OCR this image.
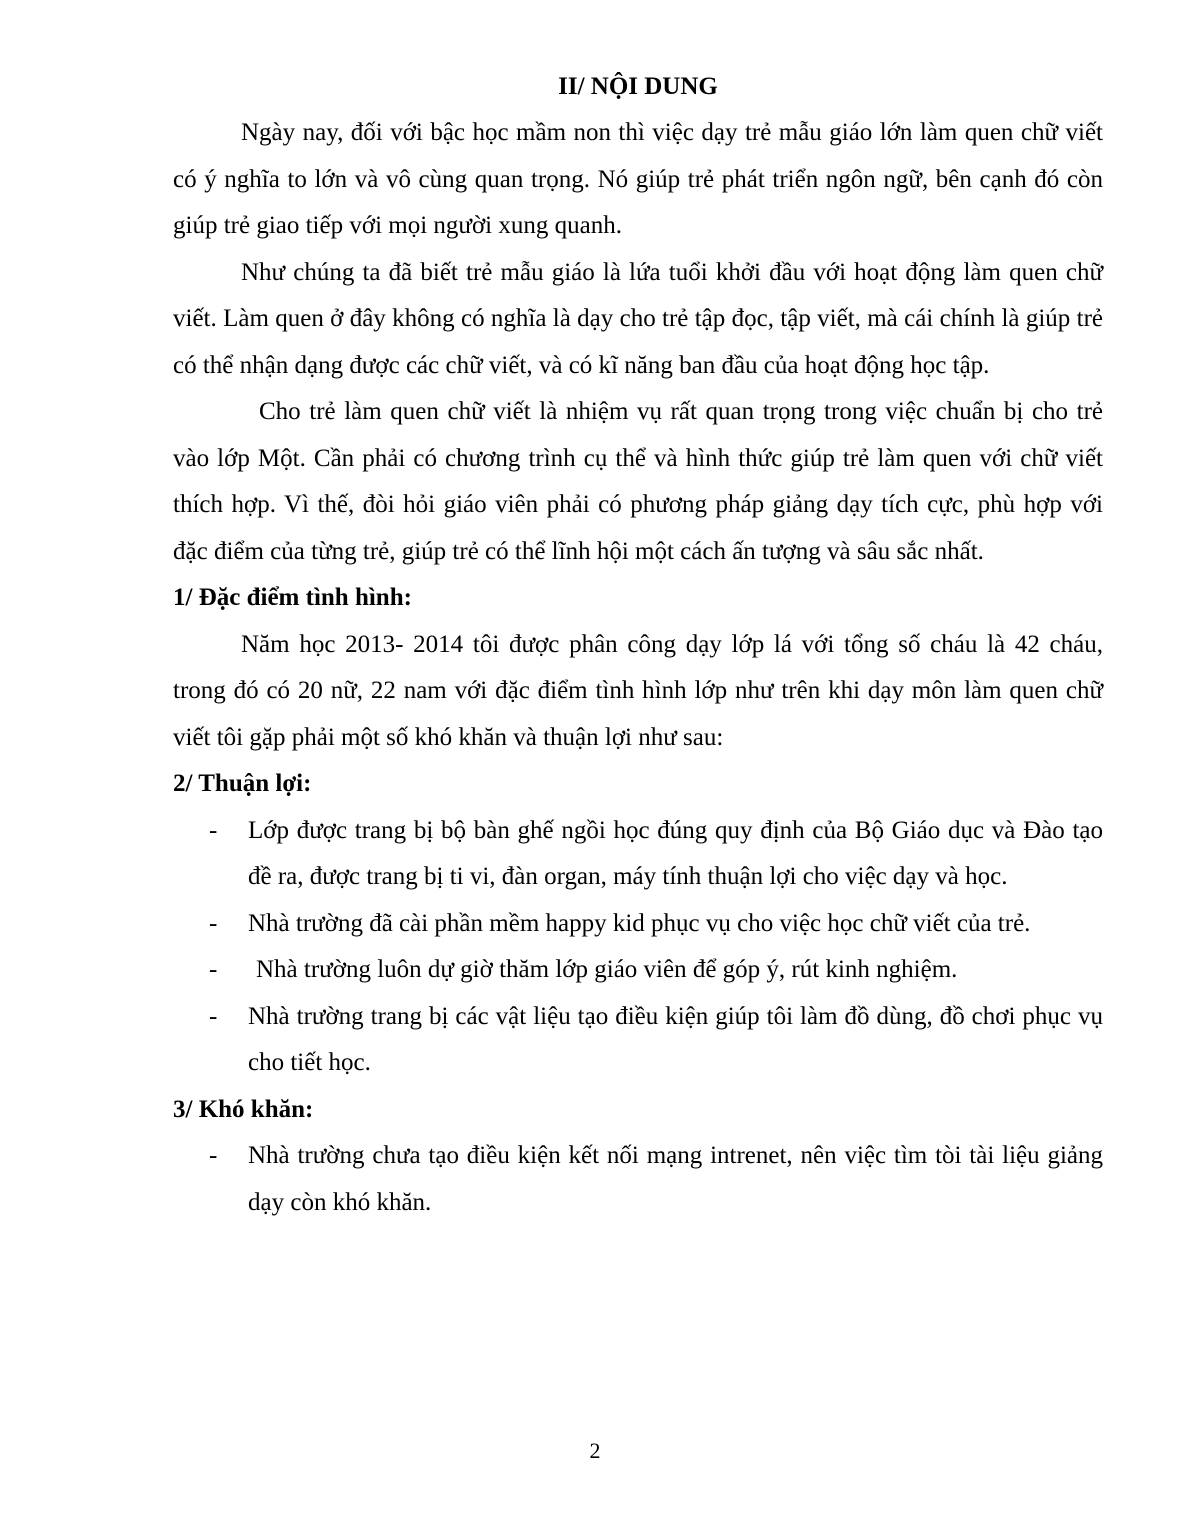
II/ NỘI DUNG

Ngày nay, đối với bậc học mầm non thì việc dạy trẻ mẫu giáo lớn làm quen chữ viết có ý nghĩa to lớn và vô cùng quan trọng. Nó giúp trẻ phát triển ngôn ngữ, bên cạnh đó còn giúp trẻ giao tiếp với mọi người xung quanh.

Như chúng ta đã biết trẻ mẫu giáo là lứa tuổi khởi đầu với hoạt động làm quen chữ viết. Làm quen ở đây không có nghĩa là dạy cho trẻ tập đọc, tập viết, mà cái chính là giúp trẻ có thể nhận dạng được các chữ viết, và có kĩ năng ban đầu của hoạt động học tập.

Cho trẻ làm quen chữ viết là nhiệm vụ rất quan trọng trong việc chuẩn bị cho trẻ vào lớp Một. Cần phải có chương trình cụ thể và hình thức giúp trẻ làm quen với chữ viết thích hợp. Vì thế, đòi hỏi giáo viên phải có phương pháp giảng dạy tích cực, phù hợp với đặc điểm của từng trẻ, giúp trẻ có thể lĩnh hội một cách ấn tượng và sâu sắc nhất.

1/ Đặc điểm tình hình:

Năm học 2013- 2014 tôi được phân công dạy lớp lá với tổng số cháu là 42 cháu, trong đó có 20 nữ, 22 nam với đặc điểm tình hình lớp như trên khi dạy môn làm quen chữ viết tôi gặp phải một số khó khăn và thuận lợi như sau:

2/ Thuận lợi:

- Lớp được trang bị bộ bàn ghế ngồi học đúng quy định của Bộ Giáo dục và Đào tạo đề ra, được trang bị ti vi, đàn organ, máy tính thuận lợi cho việc dạy và học.
- Nhà trường đã cài phần mềm happy kid phục vụ cho việc học chữ viết của trẻ.
- Nhà trường luôn dự giờ thăm lớp giáo viên để góp ý, rút kinh nghiệm.
- Nhà trường trang bị các vật liệu tạo điều kiện giúp tôi làm đồ dùng, đồ chơi phục vụ cho tiết học.

3/ Khó khăn:

- Nhà trường chưa tạo điều kiện kết nối mạng intrenet, nên việc tìm tòi tài liệu giảng dạy còn khó khăn.
2
